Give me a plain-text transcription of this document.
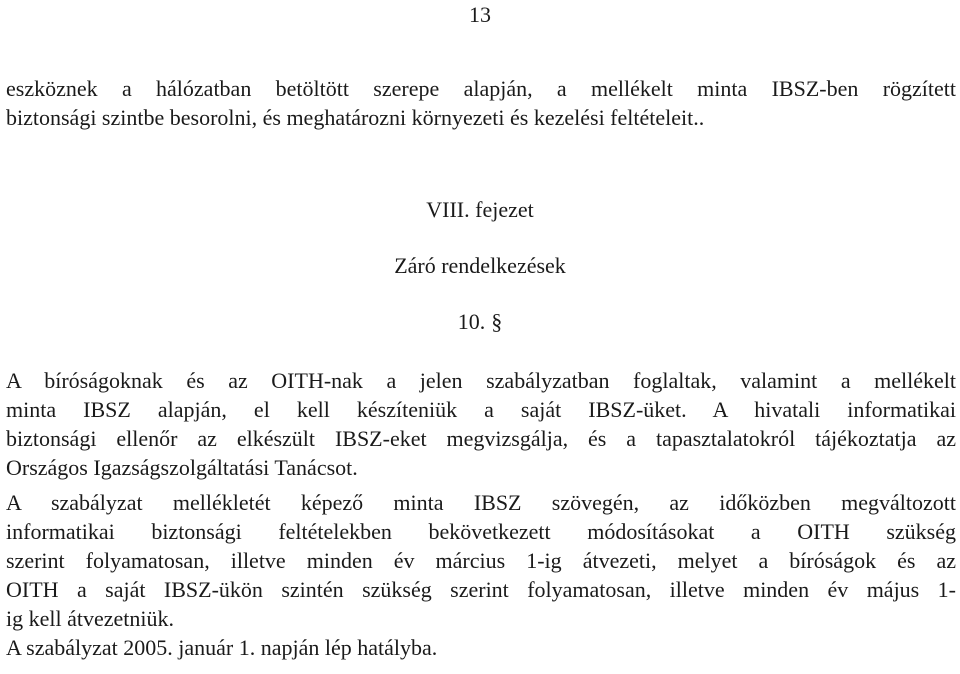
13

eszköznek a hálózatban betöltött szerepe alapján, a mellékelt minta IBSZ-ben rögzített
biztonsági szintbe besorolni, és meghatározni környezeti és kezelési feltételeit..

VIII. fejezet
Záró rendelkezések
10. §

A bíróságoknak és az OITH-nak a jelen szabályzatban foglaltak, valamint a mellékelt
minta IBSZ alapján, el kell készíteniük a saját IBSZ-üket. A hivatali informatikai
biztonsági ellenőr az elkészült IBSZ-eket megvizsgálja, és a tapasztalatokról tájékoztatja az
Országos Igazságszolgáltatási Tanácsot.

A szabályzat mellékletét képező minta IBSZ szövegén, az időközben megváltozott
informatikai biztonsági feltételekben bekövetkezett módosításokat a OITH szükség
szerint folyamatosan, illetve minden év március 1-ig átvezeti, melyet a bíróságok és az
OITH a saját IBSZ-ükön szintén szükség szerint folyamatosan, illetve minden év május 1-
ig kell átvezetniük.

A szabályzat 2005. január 1. napján lép hatályba.
